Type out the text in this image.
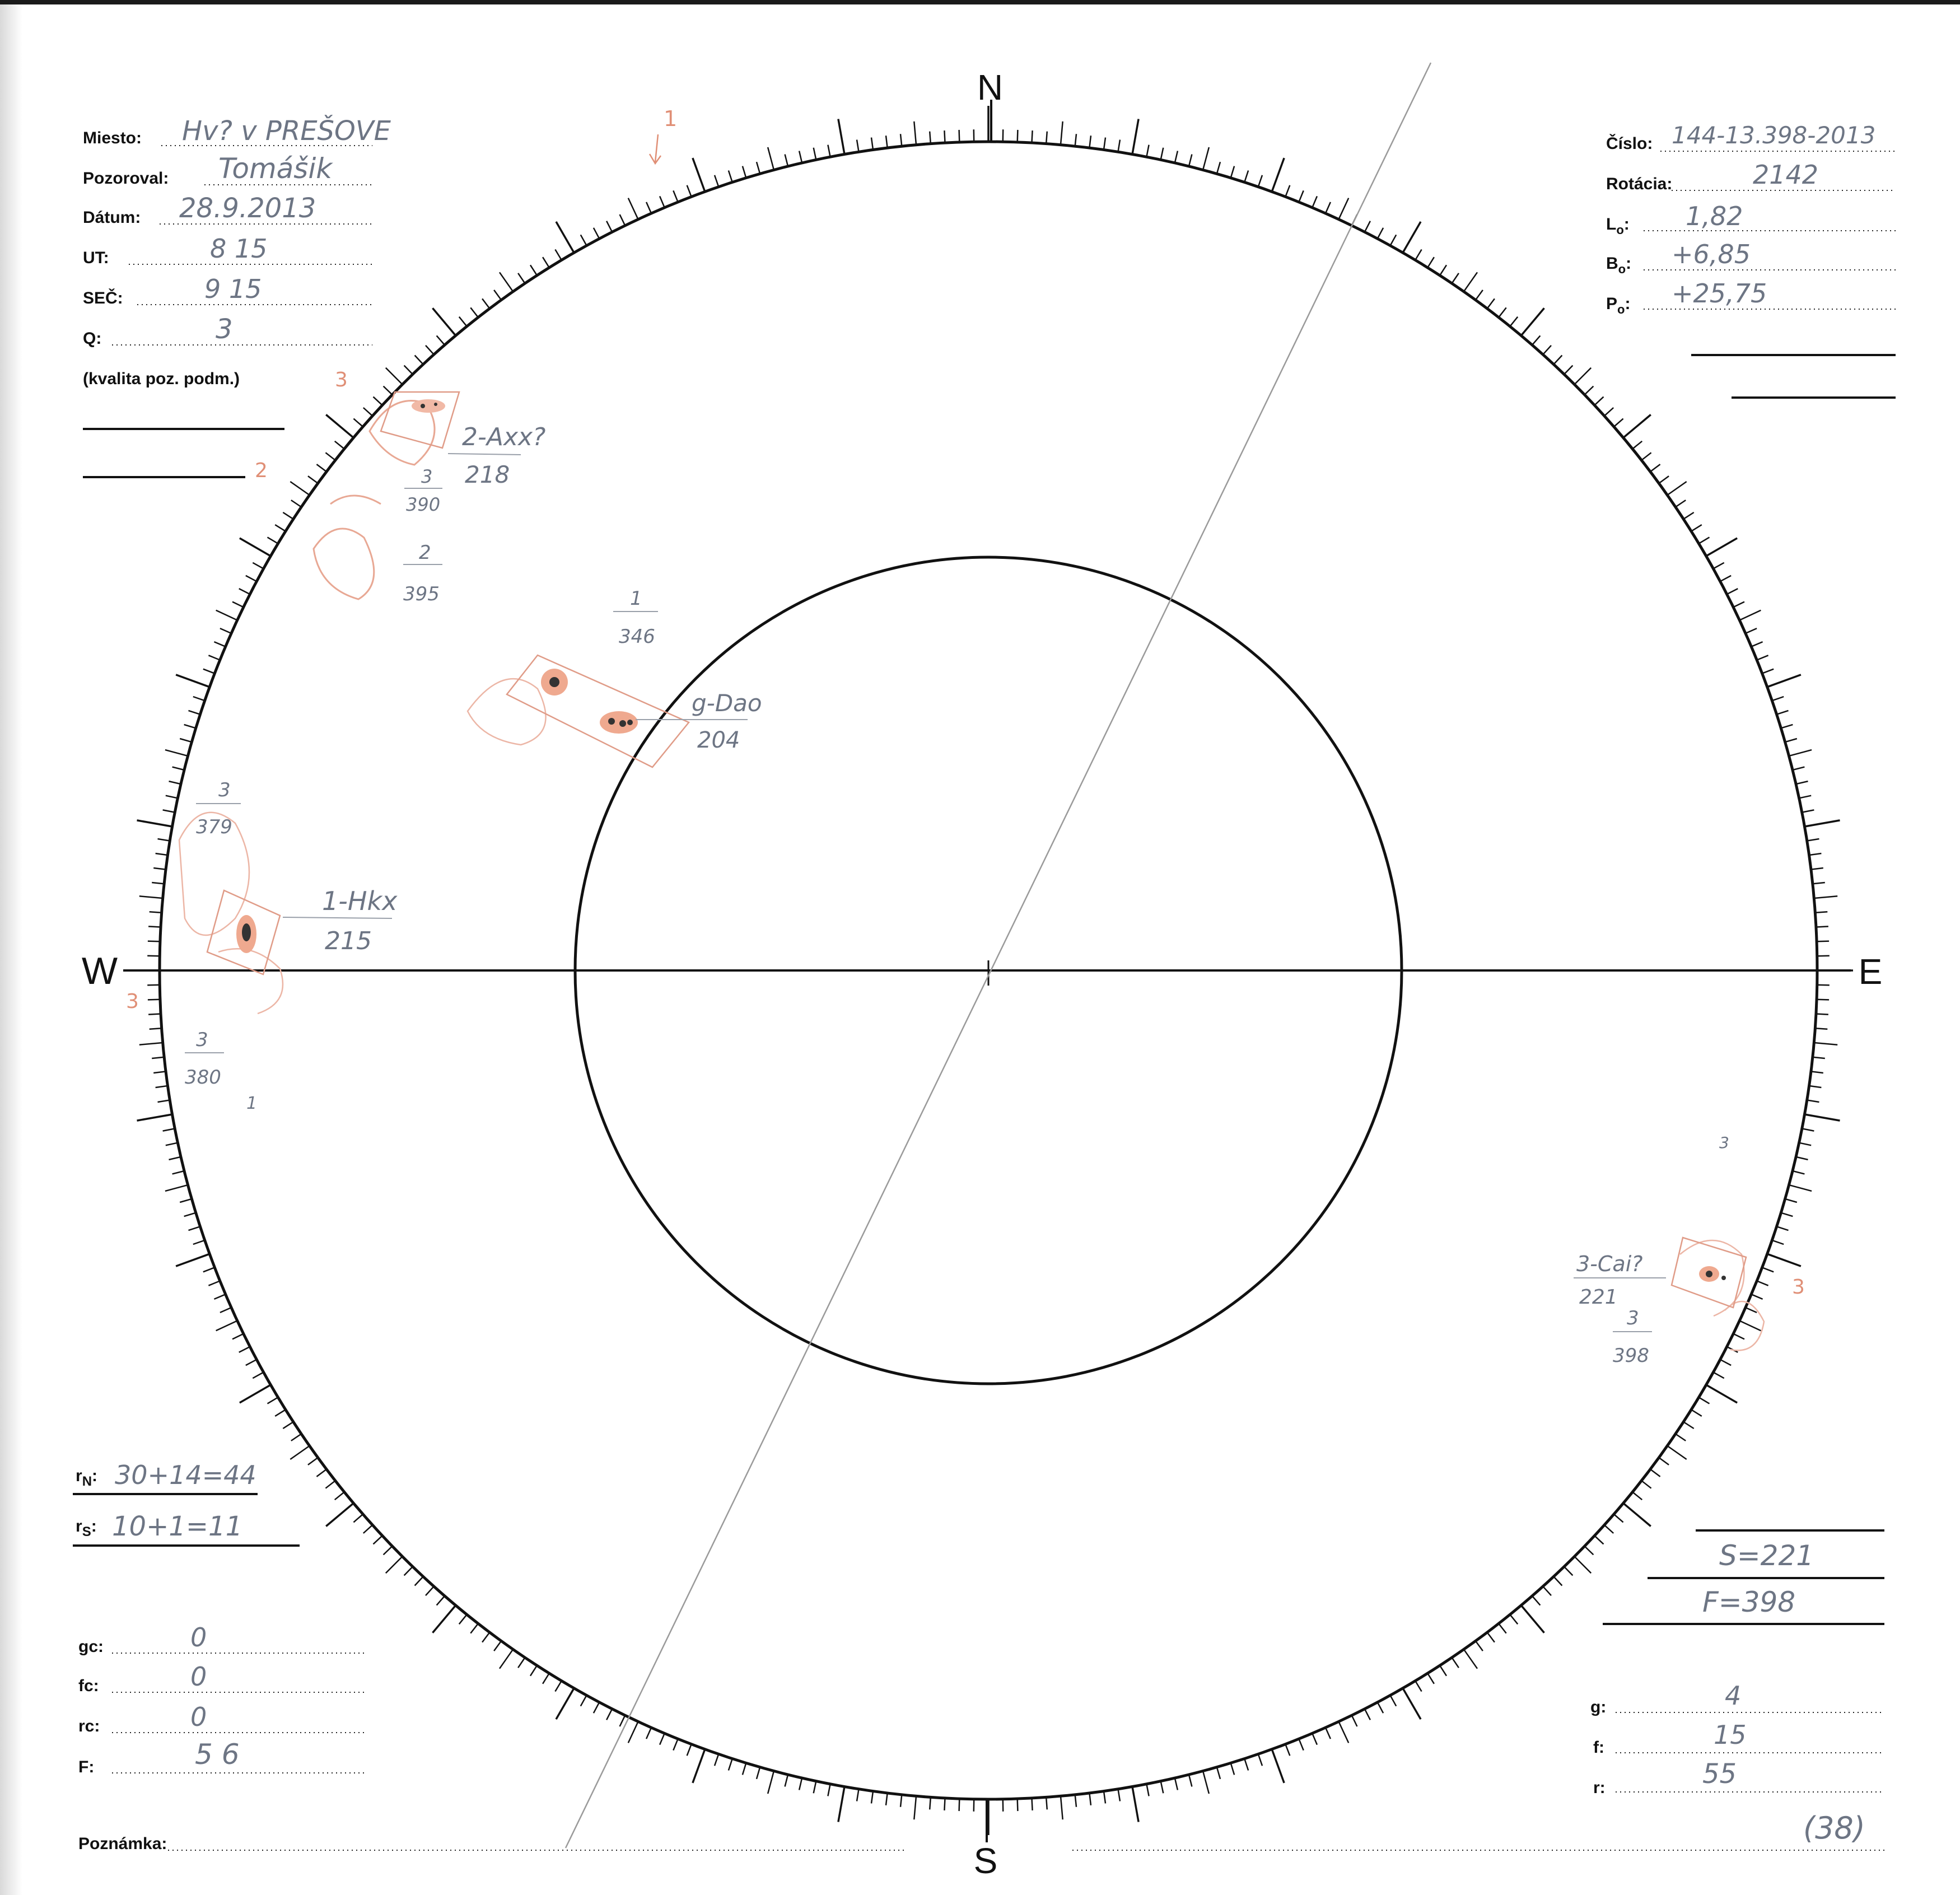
N
S
W	E
Miesto: Hv? v PREŠOVE
Pozoroval: Tomášik
Dátum: 28.9.2013
UT:	8 15
SEČ:	9 15
Q:	3
(kvalita poz. podm.)
Číslo: 144-13.398-2013
Rotácia:	2142
$L_o$: 1,82
$B_o$: +6,85
$P_o$: +25,75
$r_N$: 30+14=44
$r_S$: 10+1=11
gc:	0
fc:	0
rc:	0
F:	5 6
g:	4
f:	15
r:	55
S=221
F=398
Poznámka:	(38)
2-Axx?
218
3
390
2
395
g-Dao
204
1
346
1-Hkx
215
3
379
3
380
3-Cai?
221
3
398
1
3
2
3
1
3
3
